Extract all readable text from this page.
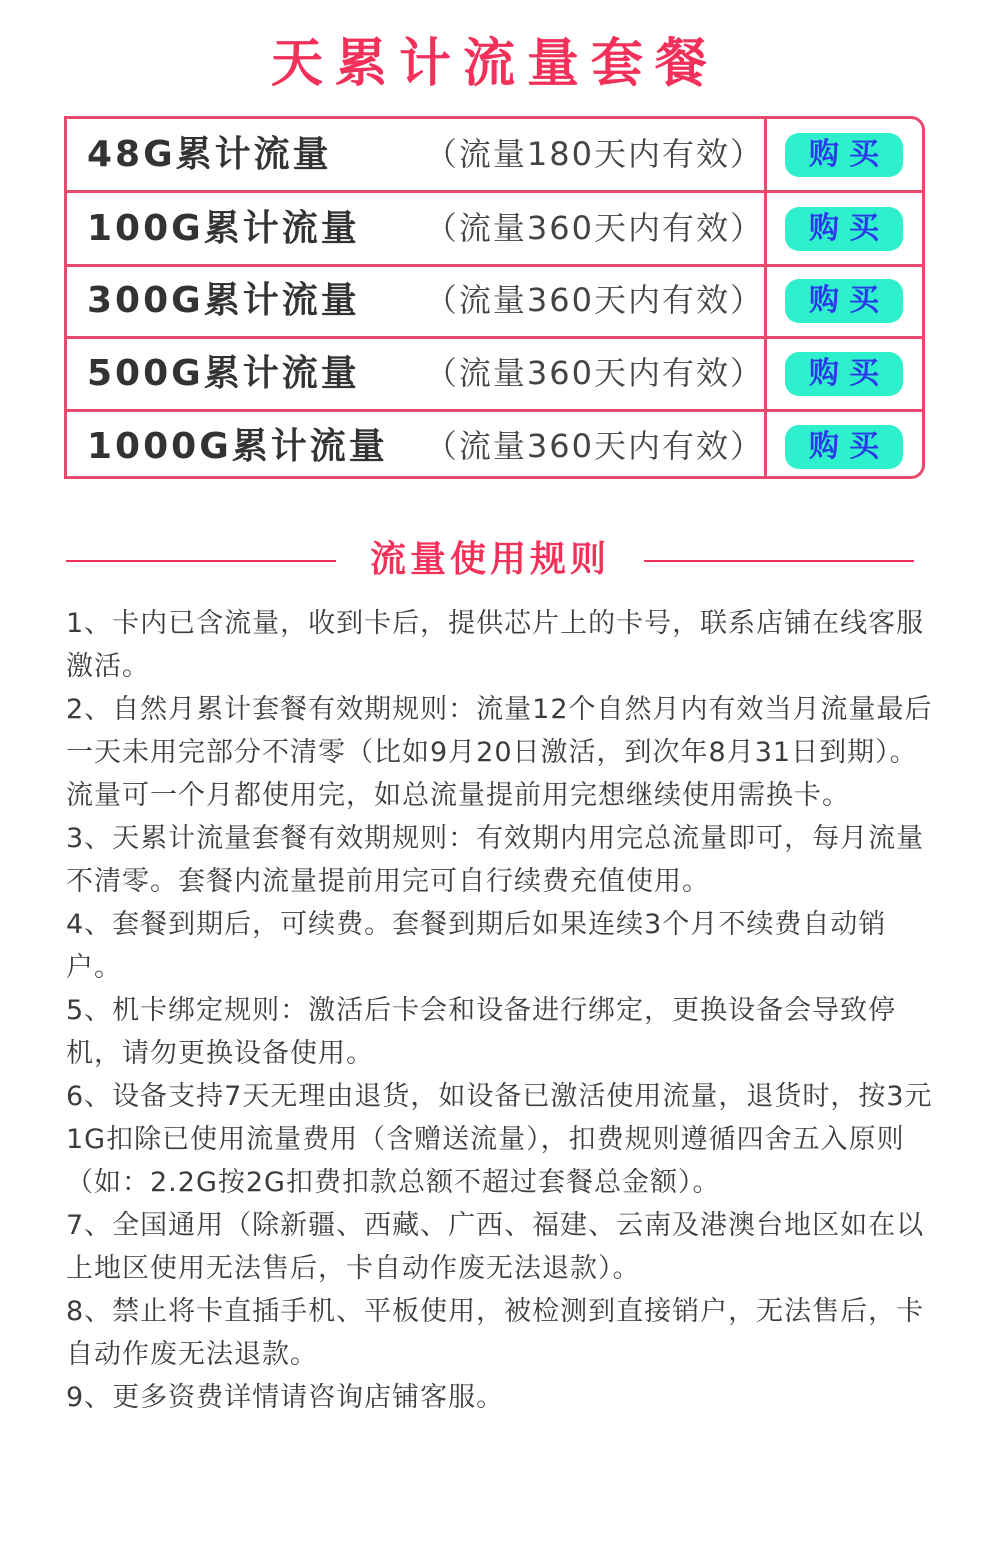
天累计流量套餐
48G累计流量	（流量180天内有效）	购买
100G累计流量	（流量360天内有效）	购买
300G累计流量	（流量360天内有效）	购买
500G累计流量	（流量360天内有效）	购买
1000G累计流量	（流量360天内有效）	购买
流量使用规则

1、卡内已含流量，收到卡后，提供芯片上的卡号，联系店铺在线客服激活。

2、自然月累计套餐有效期规则：流量12个自然月内有效当月流量最后一天未用完部分不清零（比如9月20日激活，到次年8月31日到期）。流量可一个月都使用完，如总流量提前用完想继续使用需换卡。

3、天累计流量套餐有效期规则：有效期内用完总流量即可，每月流量不清零。套餐内流量提前用完可自行续费充值使用。

4、套餐到期后，可续费。套餐到期后如果连续3个月不续费自动销户。

5、机卡绑定规则：激活后卡会和设备进行绑定，更换设备会导致停机，请勿更换设备使用。

6、设备支持7天无理由退货，如设备已激活使用流量，退货时，按3元1G扣除已使用流量费用（含赠送流量），扣费规则遵循四舍五入原则（如：2.2G按2G扣费扣款总额不超过套餐总金额）。

7、全国通用（除新疆、西藏、广西、福建、云南及港澳台地区如在以上地区使用无法售后，卡自动作废无法退款）。

8、禁止将卡直插手机、平板使用，被检测到直接销户，无法售后，卡自动作废无法退款。

9、更多资费详情请咨询店铺客服。
